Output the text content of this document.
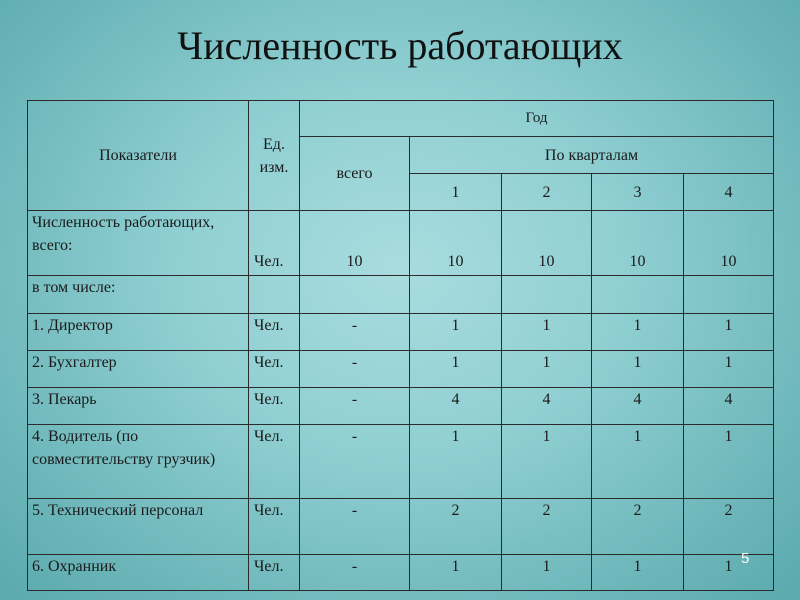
Численность работающих
Показатели	Ед. изм.	Год				
		всего	По кварталам			
			1	2	3	4
Численность работающих, всего:	Чел.	10	10	10	10	10
в том числе:						
1. Директор	Чел.	-	1	1	1	1
2. Бухгалтер	Чел.	-	1	1	1	1
3. Пекарь	Чел.	-	4	4	4	4
4. Водитель (по совместительству грузчик)	Чел.	-	1	1	1	1
5. Технический персонал	Чел.	-	2	2	2	2
6. Охранник	Чел.	-	1	1	1	1 5
